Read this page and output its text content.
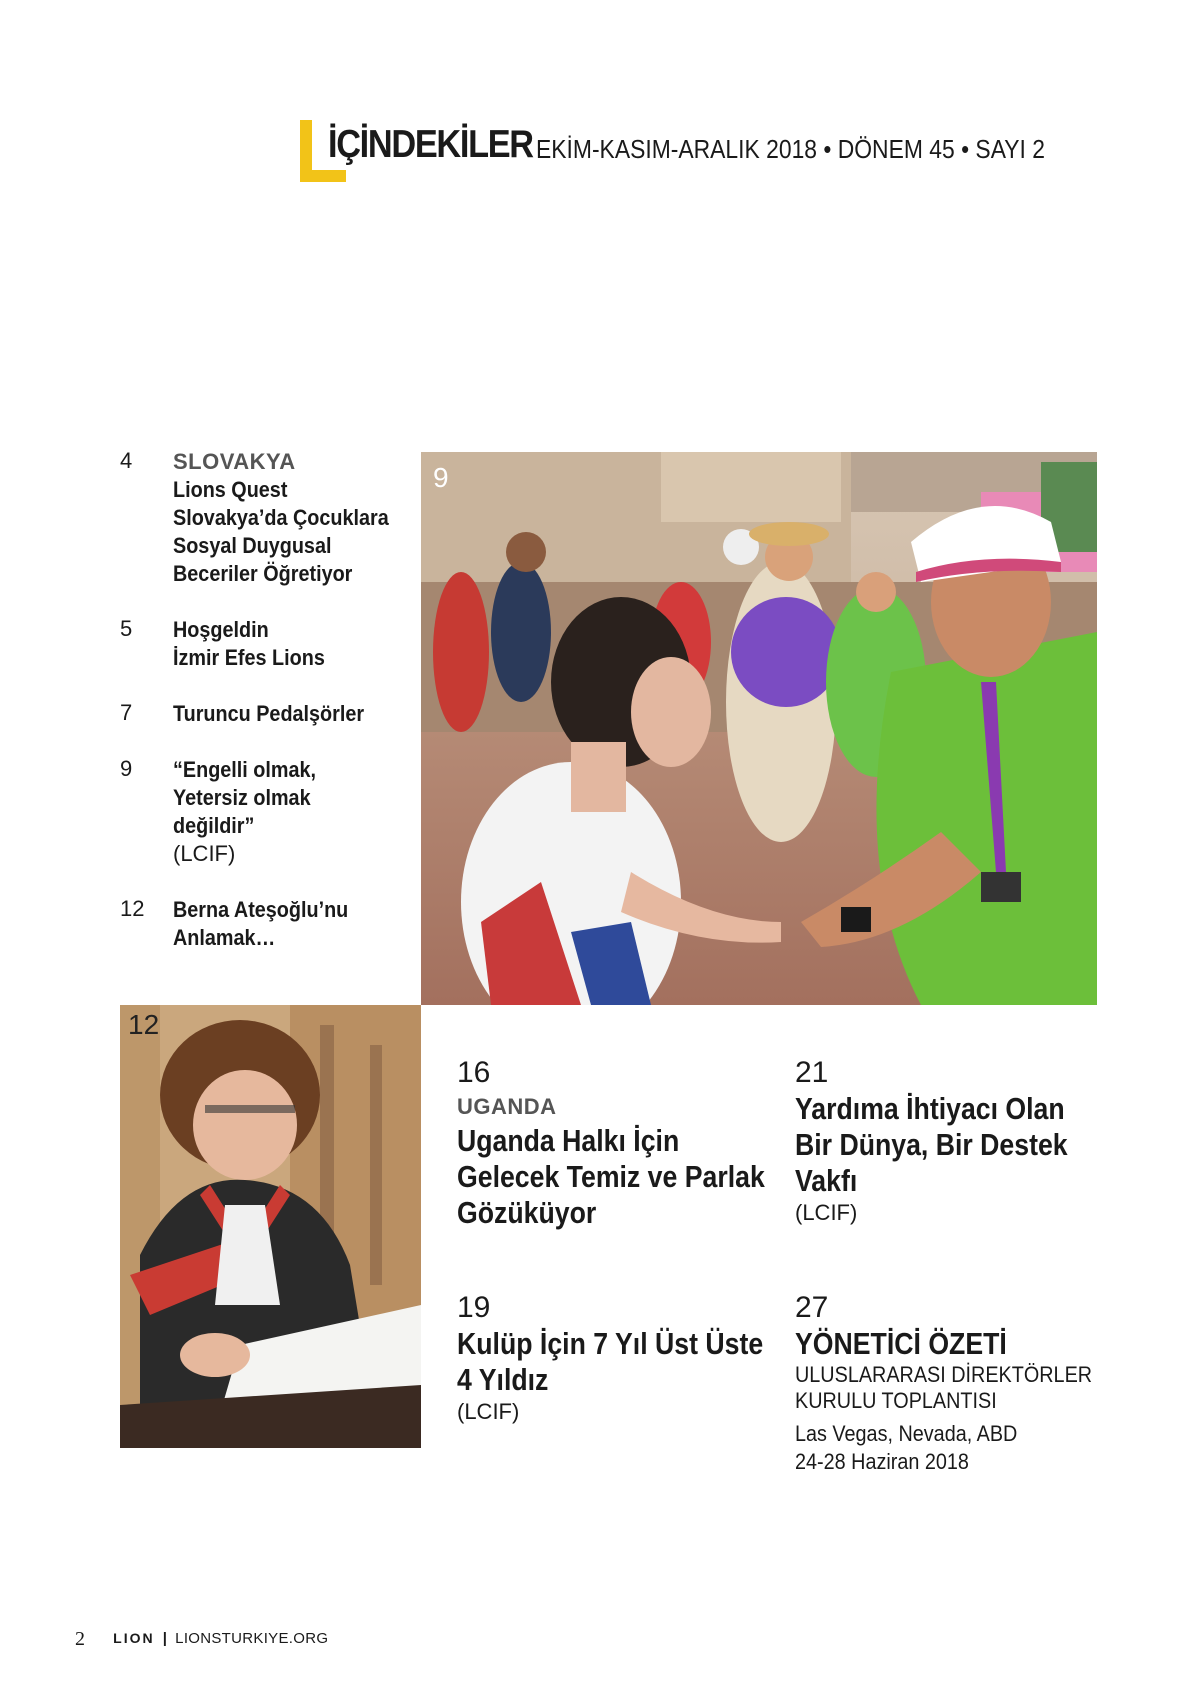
İÇİNDEKİLER EKİM-KASIM-ARALIK 2018 • DÖNEM 45 • SAYI 2
4 SLOVAKYA
Lions Quest
Slovakya’da Çocuklara
Sosyal Duygusal
Beceriler Öğretiyor
5 Hoşgeldin
İzmir Efes Lions
7 Turuncu Pedalşörler
9 “Engelli olmak,
Yetersiz olmak
değildir”
(LCIF)
12 Berna Ateşoğlu’nu
Anlamak…
9
12
16
UGANDA
Uganda Halkı İçin
Gelecek Temiz ve Parlak
Gözüküyor
21
Yardıma İhtiyacı Olan
Bir Dünya, Bir Destek
Vakfı
(LCIF)
19
Kulüp İçin 7 Yıl Üst Üste
4 Yıldız
(LCIF)
27
YÖNETİCİ ÖZETİ
ULUSLARARASI DİREKTÖRLER
KURULU TOPLANTISI
Las Vegas, Nevada, ABD
24-28 Haziran 2018
2 LION | LIONSTURKIYE.ORG
